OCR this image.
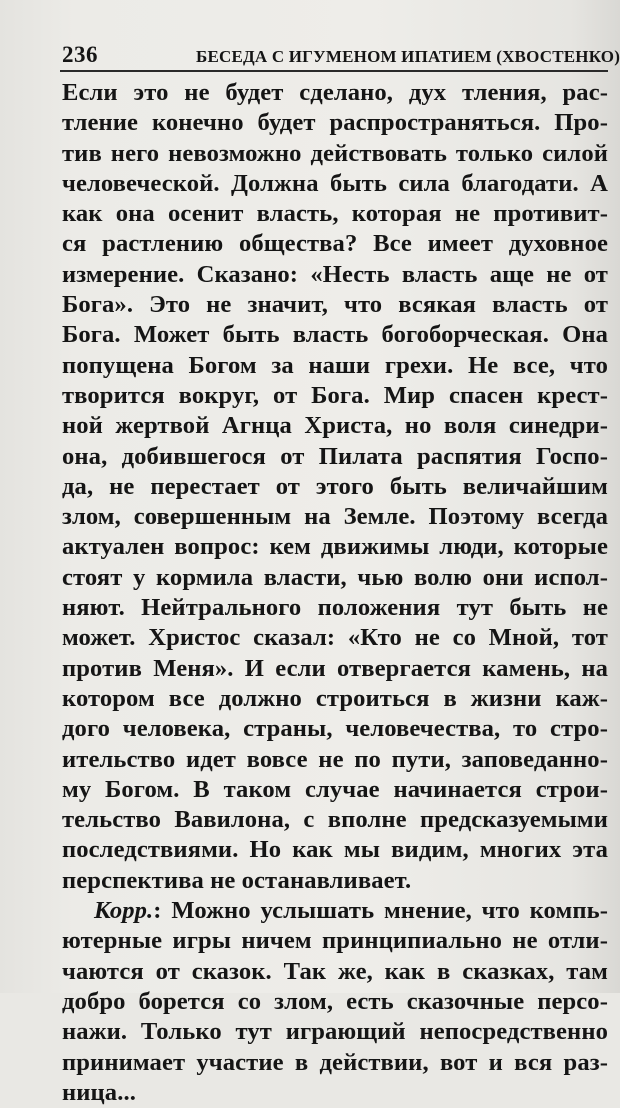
236	БЕСЕДА С ИГУМЕНОМ ИПАТИЕМ (ХВОСТЕНКО)
Если это не будет сделано, дух тления, рас-
тление конечно будет распространяться. Про-
тив него невозможно действовать только силой
человеческой. Должна быть сила благодати. А
как она осенит власть, которая не противит-
ся растлению общества? Все имеет духовное
измерение. Сказано: «Несть власть аще не от
Бога». Это не значит, что всякая власть от
Бога. Может быть власть богоборческая. Она
попущена Богом за наши грехи. Не все, что
творится вокруг, от Бога. Мир спасен крест-
ной жертвой Агнца Христа, но воля синедри-
она, добившегося от Пилата распятия Госпо-
да, не перестает от этого быть величайшим
злом, совершенным на Земле. Поэтому всегда
актуален вопрос: кем движимы люди, которые
стоят у кормила власти, чью волю они испол-
няют. Нейтрального положения тут быть не
может. Христос сказал: «Кто не со Мной, тот
против Меня». И если отвергается камень, на
котором все должно строиться в жизни каж-
дого человека, страны, человечества, то стро-
ительство идет вовсе не по пути, заповеданно-
му Богом. В таком случае начинается строи-
тельство Вавилона, с вполне предсказуемыми
последствиями. Но как мы видим, многих эта
перспектива не останавливает.
Корр.: Можно услышать мнение, что компь-
ютерные игры ничем принципиально не отли-
чаются от сказок. Так же, как в сказках, там
добро борется со злом, есть сказочные персо-
нажи. Только тут играющий непосредственно
принимает участие в действии, вот и вся раз-
ница...
